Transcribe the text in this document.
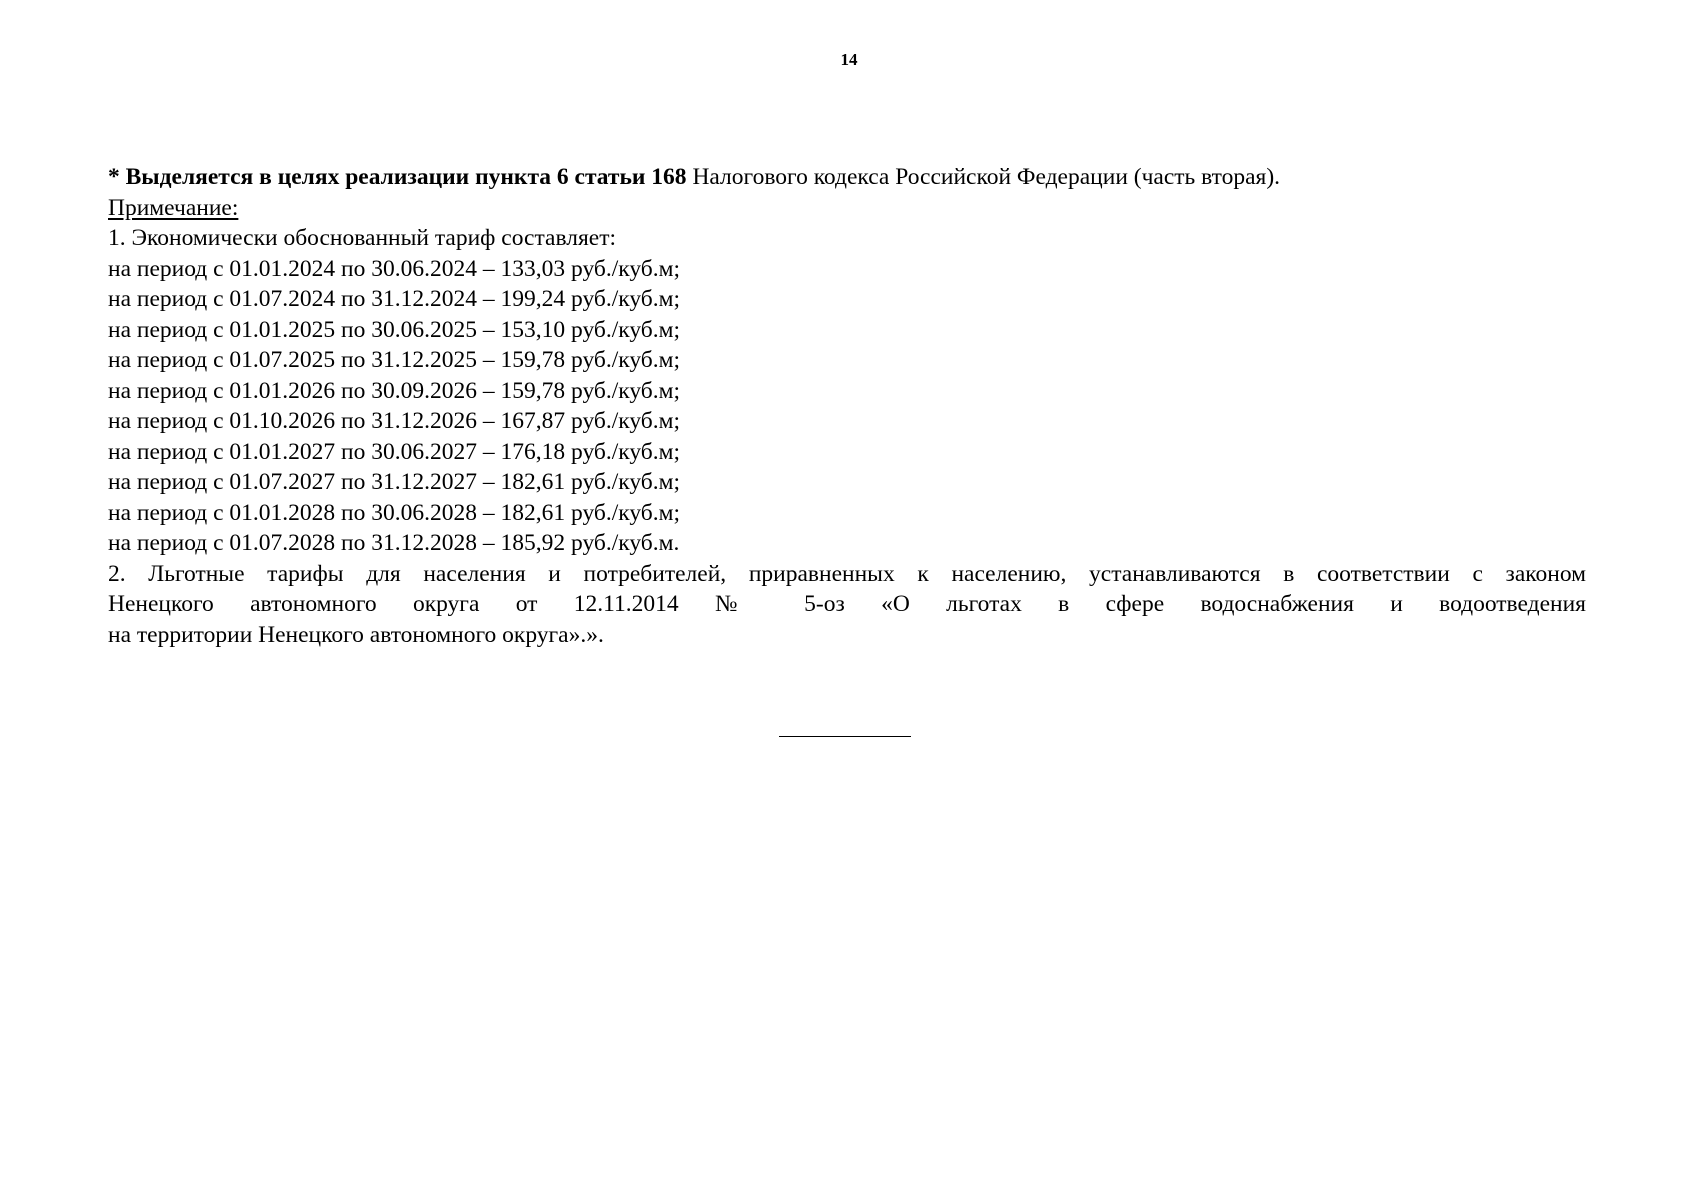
14
* Выделяется в целях реализации пункта 6 статьи 168 Налогового кодекса Российской Федерации (часть вторая).
Примечание:
1. Экономически обоснованный тариф составляет:
на период с 01.01.2024 по 30.06.2024 – 133,03 руб./куб.м;
на период с 01.07.2024 по 31.12.2024 – 199,24 руб./куб.м;
на период с 01.01.2025 по 30.06.2025 – 153,10 руб./куб.м;
на период с 01.07.2025 по 31.12.2025 – 159,78 руб./куб.м;
на период с 01.01.2026 по 30.09.2026 – 159,78 руб./куб.м;
на период с 01.10.2026 по 31.12.2026 – 167,87 руб./куб.м;
на период с 01.01.2027 по 30.06.2027 – 176,18 руб./куб.м;
на период с 01.07.2027 по 31.12.2027 – 182,61 руб./куб.м;
на период с 01.01.2028 по 30.06.2028 – 182,61 руб./куб.м;
на период с 01.07.2028 по 31.12.2028 – 185,92 руб./куб.м.
2. Льготные тарифы для населения и потребителей, приравненных к населению, устанавливаются в соответствии с законом
Ненецкого автономного округа от 12.11.2014 № 5-оз «О льготах в сфере водоснабжения и водоотведения
на территории Ненецкого автономного округа».».
